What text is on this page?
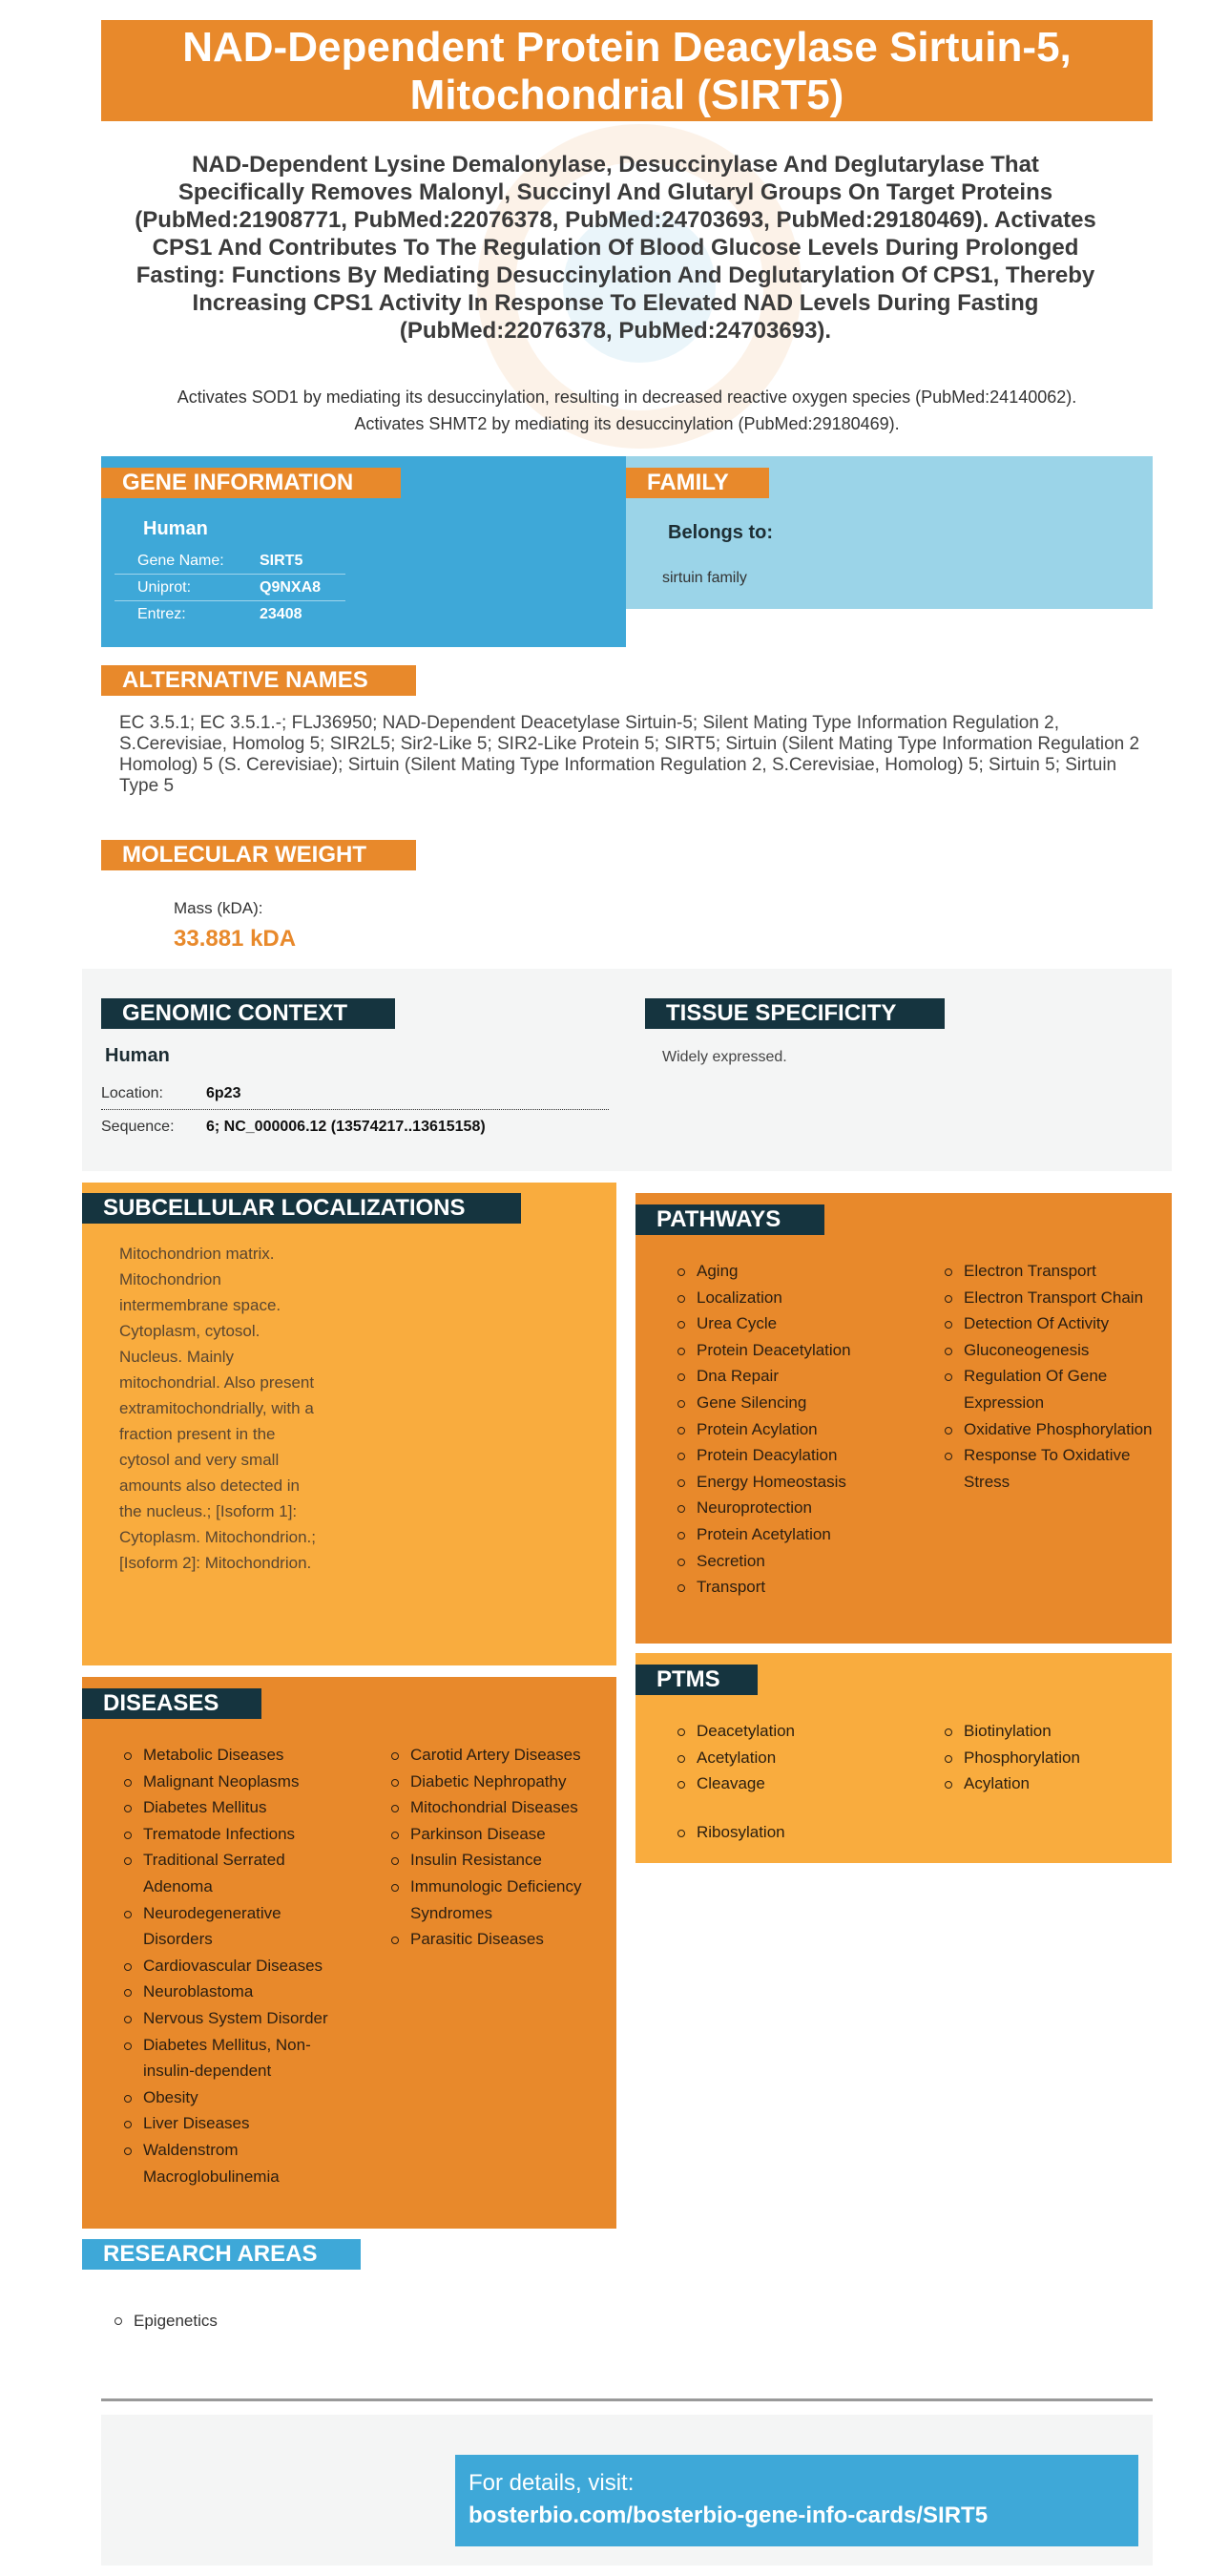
NAD-Dependent Protein Deacylase Sirtuin-5, Mitochondrial (SIRT5)
NAD-Dependent Lysine Demalonylase, Desuccinylase And Deglutarylase That Specifically Removes Malonyl, Succinyl And Glutaryl Groups On Target Proteins (PubMed:21908771, PubMed:22076378, PubMed:24703693, PubMed:29180469). Activates CPS1 And Contributes To The Regulation Of Blood Glucose Levels During Prolonged Fasting: Functions By Mediating Desuccinylation And Deglutarylation Of CPS1, Thereby Increasing CPS1 Activity In Response To Elevated NAD Levels During Fasting (PubMed:22076378, PubMed:24703693).
Activates SOD1 by mediating its desuccinylation, resulting in decreased reactive oxygen species (PubMed:24140062).
Activates SHMT2 by mediating its desuccinylation (PubMed:29180469).
GENE INFORMATION
Human
Gene Name: SIRT5
Uniprot:	Q9NXA8
Entrez:	23408
FAMILY
Belongs to:
sirtuin family
ALTERNATIVE NAMES
EC 3.5.1; EC 3.5.1.-; FLJ36950; NAD-Dependent Deacetylase Sirtuin-5; Silent Mating Type Information Regulation 2, S.Cerevisiae, Homolog 5; SIR2L5; Sir2-Like 5; SIR2-Like Protein 5; SIRT5; Sirtuin (Silent Mating Type Information Regulation 2 Homolog) 5 (S. Cerevisiae); Sirtuin (Silent Mating Type Information Regulation 2, S.Cerevisiae, Homolog) 5; Sirtuin 5; Sirtuin Type 5
MOLECULAR WEIGHT
Mass (kDA):
33.881 kDA
GENOMIC CONTEXT
Human
Location:	6p23
Sequence: 6; NC_000006.12 (13574217..13615158)
TISSUE SPECIFICITY
Widely expressed.
SUBCELLULAR LOCALIZATIONS
Mitochondrion matrix. Mitochondrion intermembrane space. Cytoplasm, cytosol. Nucleus. Mainly mitochondrial. Also present extramitochondrially, with a fraction present in the cytosol and very small amounts also detected in the nucleus.; [Isoform 1]: Cytoplasm. Mitochondrion.; [Isoform 2]: Mitochondrion.
PATHWAYS
Aging
Localization
Urea Cycle
Protein Deacetylation
Dna Repair
Gene Silencing
Protein Acylation
Protein Deacylation
Energy Homeostasis
Neuroprotection
Protein Acetylation
Secretion
Transport
Electron Transport
Electron Transport Chain
Detection Of Activity
Gluconeogenesis
Regulation Of Gene Expression
Oxidative Phosphorylation
Response To Oxidative Stress
PTMS
Deacetylation
Acetylation
Cleavage
Ribosylation
Biotinylation
Phosphorylation
Acylation
DISEASES
Metabolic Diseases
Malignant Neoplasms
Diabetes Mellitus
Trematode Infections
Traditional Serrated Adenoma
Neurodegenerative Disorders
Cardiovascular Diseases
Neuroblastoma
Nervous System Disorder
Diabetes Mellitus, Non-insulin-dependent
Obesity
Liver Diseases
Waldenstrom Macroglobulinemia
Carotid Artery Diseases
Diabetic Nephropathy
Mitochondrial Diseases
Parkinson Disease
Insulin Resistance
Immunologic Deficiency Syndromes
Parasitic Diseases
RESEARCH AREAS
Epigenetics
For details, visit:
bosterbio.com/bosterbio-gene-info-cards/SIRT5
